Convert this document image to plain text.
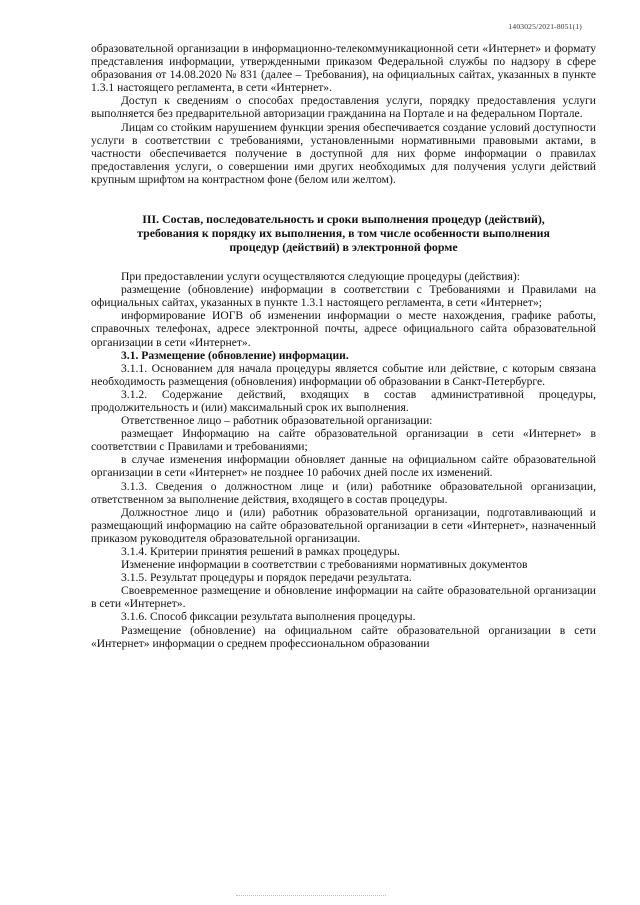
1403025/2021-8051(1)

образовательной организации в информационно-телекоммуникационной сети «Интернет» и формату представления информации, утвержденными приказом Федеральной службы по надзору в сфере образования от 14.08.2020 № 831 (далее – Требования), на официальных сайтах, указанных в пункте 1.3.1 настоящего регламента, в сети «Интернет».

Доступ к сведениям о способах предоставления услуги, порядку предоставления услуги выполняется без предварительной авторизации гражданина на Портале и на федеральном Портале.

Лицам со стойким нарушением функции зрения обеспечивается создание условий доступности услуги в соответствии с требованиями, установленными нормативными правовыми актами, в частности обеспечивается получение в доступной для них форме информации о правилах предоставления услуги, о совершении ими других необходимых для получения услуги действий крупным шрифтом на контрастном фоне (белом или желтом).

III. Состав, последовательность и сроки выполнения процедур (действий),
требования к порядку их выполнения, в том числе особенности выполнения
процедур (действий) в электронной форме

При предоставлении услуги осуществляются следующие процедуры (действия):

размещение (обновление) информации в соответствии с Требованиями и Правилами на официальных сайтах, указанных в пункте 1.3.1 настоящего регламента, в сети «Интернет»;

информирование ИОГВ об изменении информации о месте нахождения, графике работы, справочных телефонах, адресе электронной почты, адресе официального сайта образовательной организации в сети «Интернет».

3.1. Размещение (обновление) информации.

3.1.1. Основанием для начала процедуры является событие или действие, с которым связана необходимость размещения (обновления) информации об образовании в Санкт-Петербурге.

3.1.2. Содержание действий, входящих в состав административной процедуры, продолжительность и (или) максимальный срок их выполнения.

Ответственное лицо – работник образовательной организации:

размещает Информацию на сайте образовательной организации в сети «Интернет» в соответствии с Правилами и требованиями;

в случае изменения информации обновляет данные на официальном сайте образовательной организации в сети «Интернет» не позднее 10 рабочих дней после их изменений.

3.1.3. Сведения о должностном лице и (или) работнике образовательной организации, ответственном за выполнение действия, входящего в состав процедуры.

Должностное лицо и (или) работник образовательной организации, подготавливающий и размещающий информацию на сайте образовательной организации в сети «Интернет», назначенный приказом руководителя образовательной организации.

3.1.4. Критерии принятия решений в рамках процедуры.

Изменение информации в соответствии с требованиями нормативных документов

3.1.5. Результат процедуры и порядок передачи результата.

Своевременное размещение и обновление информации на сайте образовательной организации в сети «Интернет».

3.1.6. Способ фиксации результата выполнения процедуры.

Размещение (обновление) на официальном сайте образовательной организации в сети «Интернет» информации о среднем профессиональном образовании
